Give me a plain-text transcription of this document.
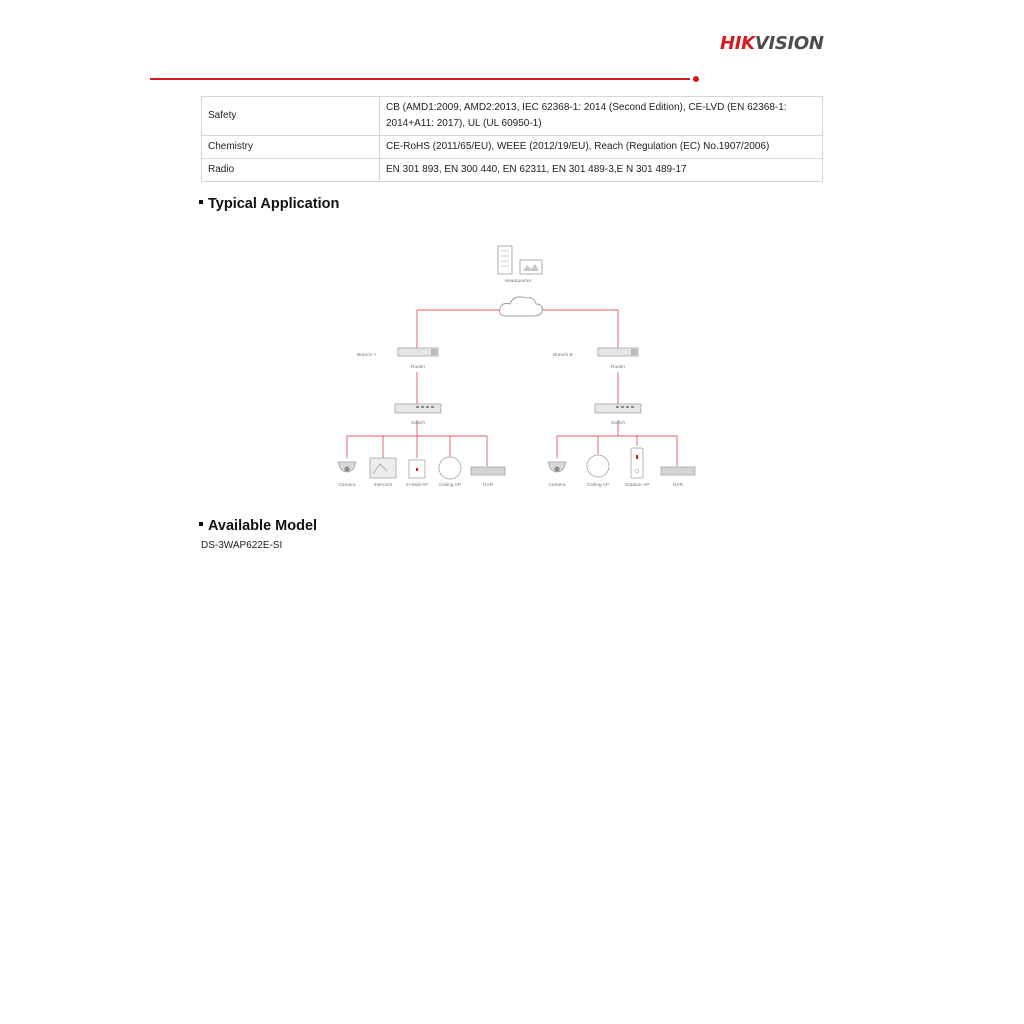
HIKVISION
Safety	CB (AMD1:2009, AMD2:2013, IEC 62368-1: 2014 (Second Edition), CE-LVD (EN 62368-1: 2014+A11: 2017), UL (UL 60950-1)
Chemistry	CE-RoHS (2011/65/EU), WEEE (2012/19/EU), Reach (Regulation (EC) No.1907/2006)
Radio	EN 301 893, EN 300 440, EN 62311, EN 301 489-3,E N 301 489-17
Typical Application
Headquarter
Branch A
Router
Branch B
Router
Switch	Switch
Camera	Intercom	In-Wall AP Ceiling AP	NVR	Camera	Ceiling AP	Outdoor AP	NVR
Available Model
DS-3WAP622E-SI
